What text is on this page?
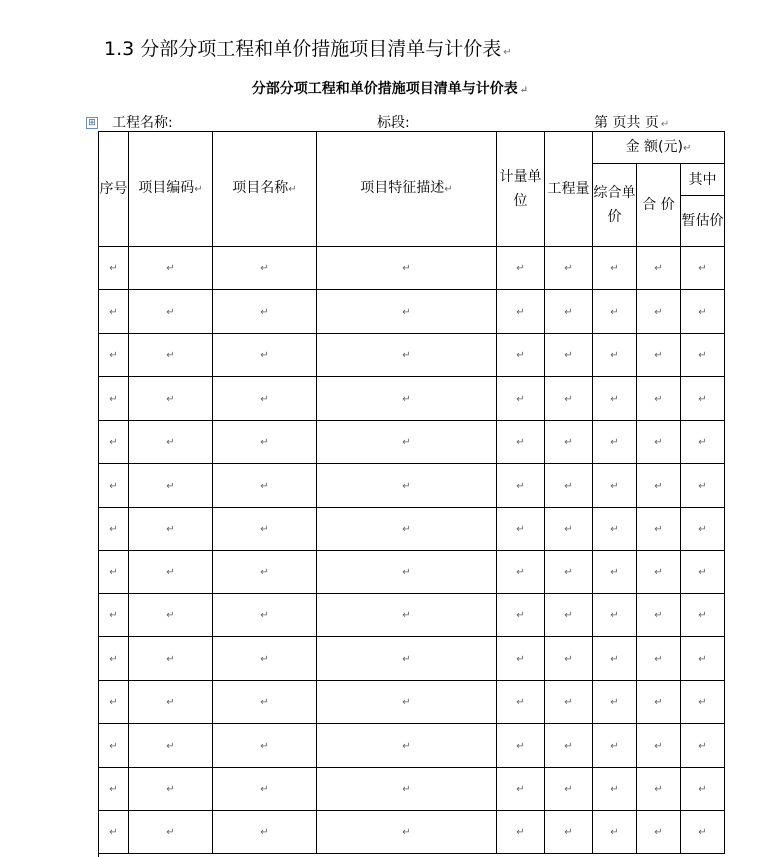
1.3 分部分项工程和单价措施项目清单与计价表 ↵
分部分项工程和单价措施项目清单与计价表 ↵
⊞ 工程名称:	标段:	第 页共 页 ↵
序号	项目编码↵	项目名称↵	项目特征描述↵	计量单位	工程量	金 额(元)↵		
						综合单价	合 价	其中
								暂估价
↵	↵	↵	↵	↵	↵	↵	↵	↵
↵	↵	↵	↵	↵	↵	↵	↵	↵
↵	↵	↵	↵	↵	↵	↵	↵	↵
↵	↵	↵	↵	↵	↵	↵	↵	↵
↵	↵	↵	↵	↵	↵	↵	↵	↵
↵	↵	↵	↵	↵	↵	↵	↵	↵
↵	↵	↵	↵	↵	↵	↵	↵	↵
↵	↵	↵	↵	↵	↵	↵	↵	↵
↵	↵	↵	↵	↵	↵	↵	↵	↵
↵	↵	↵	↵	↵	↵	↵	↵	↵
↵	↵	↵	↵	↵	↵	↵	↵	↵
↵	↵	↵	↵	↵	↵	↵	↵	↵
↵	↵	↵	↵	↵	↵	↵	↵	↵
↵	↵	↵	↵	↵	↵	↵	↵	↵
